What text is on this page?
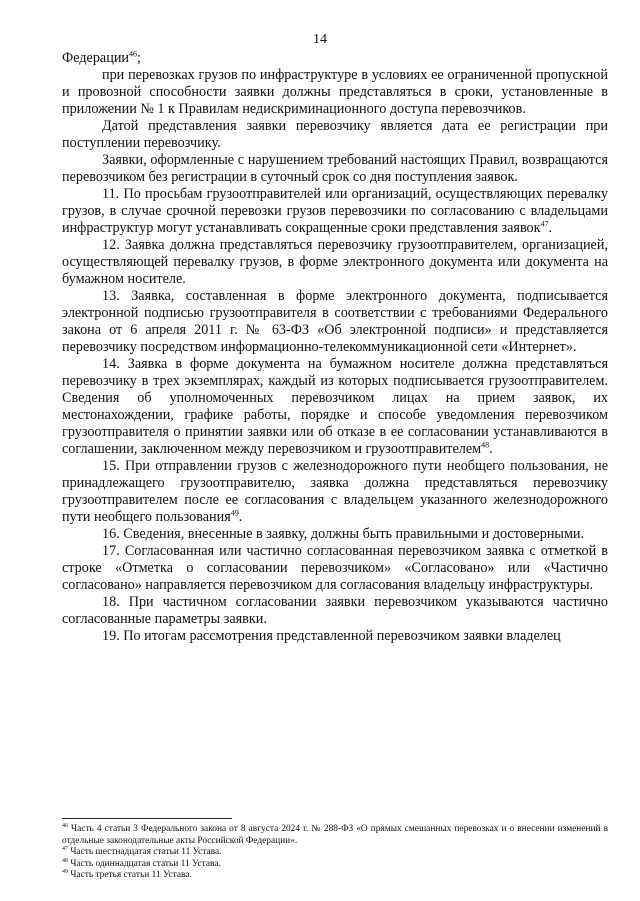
14

Федерации$^{46}$;

при перевозках грузов по инфраструктуре в условиях ее ограниченной пропускной и провозной способности заявки должны представляться в сроки, установленные в приложении № 1 к Правилам недискриминационного доступа перевозчиков.

Датой представления заявки перевозчику является дата ее регистрации при поступлении перевозчику.

Заявки, оформленные с нарушением требований настоящих Правил, возвращаются перевозчиком без регистрации в суточный срок со дня поступления заявок.

11. По просьбам грузоотправителей или организаций, осуществляющих перевалку грузов, в случае срочной перевозки грузов перевозчики по согласованию с владельцами инфраструктур могут устанавливать сокращенные сроки представления заявок$^{47}$.

12. Заявка должна представляться перевозчику грузоотправителем, организацией, осуществляющей перевалку грузов, в форме электронного документа или документа на бумажном носителе.

13. Заявка, составленная в форме электронного документа, подписывается электронной подписью грузоотправителя в соответствии с требованиями Федерального закона от 6 апреля 2011 г. № 63-ФЗ «Об электронной подписи» и представляется перевозчику посредством информационно-телекоммуникационной сети «Интернет».

14. Заявка в форме документа на бумажном носителе должна представляться перевозчику в трех экземплярах, каждый из которых подписывается грузоотправителем. Сведения об уполномоченных перевозчиком лицах на прием заявок, их местонахождении, графике работы, порядке и способе уведомления перевозчиком грузоотправителя о принятии заявки или об отказе в ее согласовании устанавливаются в соглашении, заключенном между перевозчиком и грузоотправителем$^{48}$.

15. При отправлении грузов с железнодорожного пути необщего пользования, не принадлежащего грузоотправителю, заявка должна представляться перевозчику грузоотправителем после ее согласования с владельцем указанного железнодорожного пути необщего пользования$^{49}$.

16. Сведения, внесенные в заявку, должны быть правильными и достоверными.

17. Согласованная или частично согласованная перевозчиком заявка с отметкой в строке «Отметка о согласовании перевозчиком» «Согласовано» или «Частично согласовано» направляется перевозчиком для согласования владельцу инфраструктуры.

18. При частичном согласовании заявки перевозчиком указываются частично согласованные параметры заявки.

19. По итогам рассмотрения представленной перевозчиком заявки владелец

$^{46}$ Часть 4 статьи 3 Федерального закона от 8 августа 2024 г. № 288-ФЗ «О прямых смешанных перевозках и о внесении изменений в отдельные законодательные акты Российской Федерации».

$^{47}$ Часть шестнадцатая статьи 11 Устава.

$^{48}$ Часть одиннадцатая статьи 11 Устава.

$^{49}$ Часть третья статьи 11 Устава.
